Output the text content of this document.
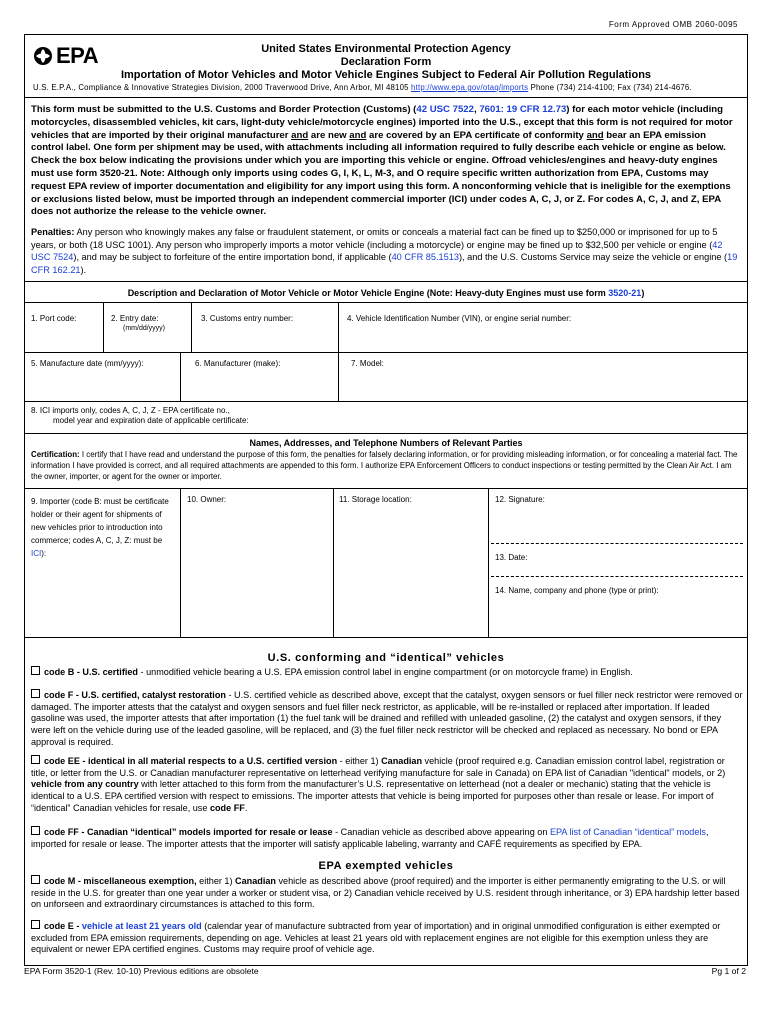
Form Approved OMB 2060-0095
EPA	United States Environmental Protection Agency
Declaration Form
Importation of Motor Vehicles and Motor Vehicle Engines Subject to Federal Air Pollution Regulations
U.S. E.P.A., Compliance & Innovative Strategies Division, 2000 Traverwood Drive, Ann Arbor, MI 48105 http://www.epa.gov/otaq/imports Phone (734) 214-4100; Fax (734) 214-4676.
This form must be submitted to the U.S. Customs and Border Protection (Customs) (42 USC 7522, 7601: 19 CFR 12.73) for each motor vehicle (including motorcycles, disassembled vehicles, kit cars, light-duty vehicle/motorcycle engines) imported into the U.S., except that this form is not required for motor vehicles that are imported by their original manufacturer and are new and are covered by an EPA certificate of conformity and bear an EPA emission control label. One form per shipment may be used, with attachments including all information required to fully describe each vehicle or engine as below. Check the box below indicating the provisions under which you are importing this vehicle or engine. Offroad vehicles/engines and heavy-duty engines must use form 3520-21. Note: Although only imports using codes G, I, K, L, M-3, and O require specific written authorization from EPA, Customs may request EPA review of importer documentation and eligibility for any import using this form. A nonconforming vehicle that is ineligible for the exemptions or exclusions listed below, must be imported through an independent commercial importer (ICI) under codes A, C, J, or Z. For codes A, C, J, and Z, EPA does not authorize the release to the vehicle owner.
Penalties: Any person who knowingly makes any false or fraudulent statement, or omits or conceals a material fact can be fined up to $250,000 or imprisoned for up to 5 years, or both (18 USC 1001). Any person who improperly imports a motor vehicle (including a motorcycle) or engine may be fined up to $32,500 per vehicle or engine (42 USC 7524), and may be subject to forfeiture of the entire importation bond, if applicable (40 CFR 85.1513), and the U.S. Customs Service may seize the vehicle or engine (19 CFR 162.21).
Description and Declaration of Motor Vehicle or Motor Vehicle Engine (Note: Heavy-duty Engines must use form 3520-21)
1. Port code:	2. Entry date:
(mm/dd/yyyy)
3. Customs entry number:	4. Vehicle Identification Number (VIN), or engine serial number:
5. Manufacture date (mm/yyyy):	6. Manufacturer (make):	7. Model:
8. ICI imports only, codes A, C, J, Z - EPA certificate no.,
model year and expiration date of applicable certificate:
Names, Addresses, and Telephone Numbers of Relevant Parties
Certification: I certify that I have read and understand the purpose of this form, the penalties for falsely declaring information, or for providing misleading information, or for concealing a material fact. The information I have provided is correct, and all required attachments are appended to this form. I authorize EPA Enforcement Officers to conduct inspections or testing permitted by the Clean Air Act. I am the owner, importer, or agent for the owner or importer.
9. Importer (code B: must be certificate holder or their agent for shipments of new vehicles prior to introduction into commerce; codes A, C, J, Z: must be ICI):
10. Owner:	11. Storage location:	12. Signature:
13. Date:
14. Name, company and phone (type or print):
U.S. conforming and “identical” vehicles
code B - U.S. certified - unmodified vehicle bearing a U.S. EPA emission control label in engine compartment (or on motorcycle frame) in English.
code F - U.S. certified, catalyst restoration - U.S. certified vehicle as described above, except that the catalyst, oxygen sensors or fuel filler neck restrictor were removed or damaged. The importer attests that the catalyst and oxygen sensors and fuel filler neck restrictor, as applicable, will be re-installed or replaced after importation. If leaded gasoline was used, the importer attests that after importation (1) the fuel tank will be drained and refilled with unleaded gasoline, (2) the catalyst and oxygen sensors, if they were left on the vehicle during use of the leaded gasoline, will be replaced, and (3) the fuel filler neck restrictor will be checked and replaced as necessary. No bond or EPA approval is required.
code EE - identical in all material respects to a U.S. certified version - either 1) Canadian vehicle (proof required e.g. Canadian emission control label, registration or title, or letter from the U.S. or Canadian manufacturer representative on letterhead verifying manufacture for sale in Canada) on EPA list of Canadian "identical" models, or 2) vehicle from any country with letter attached to this form from the manufacturer’s U.S. representative on letterhead (not a dealer or mechanic) stating that the vehicle is identical to a U.S. EPA certified version with respect to emissions. The importer attests that vehicle is being imported for purposes other than resale or lease. For import of “identical” Canadian vehicles for resale, use code FF.
code FF - Canadian “identical” models imported for resale or lease - Canadian vehicle as described above appearing on EPA list of Canadian “identical” models, imported for resale or lease. The importer attests that the importer will satisfy applicable labeling, warranty and CAFÉ requirements as specified by EPA.
EPA exempted vehicles
code M - miscellaneous exemption, either 1) Canadian vehicle as described above (proof required) and the importer is either permanently emigrating to the U.S. or will reside in the U.S. for greater than one year under a worker or student visa, or 2) Canadian vehicle received by U.S. resident through inheritance, or 3) EPA hardship letter based on unforseen and extraordinary circumstances is attached to this form.
code E - vehicle at least 21 years old (calendar year of manufacture subtracted from year of importation) and in original unmodified configuration is either exempted or excluded from EPA emission requirements, depending on age. Vehicles at least 21 years old with replacement engines are not eligible for this exemption unless they are equivalent or newer EPA certified engines. Customs may require proof of vehicle age.
EPA Form 3520-1 (Rev. 10-10) Previous editions are obsolete	Pg 1 of 2
